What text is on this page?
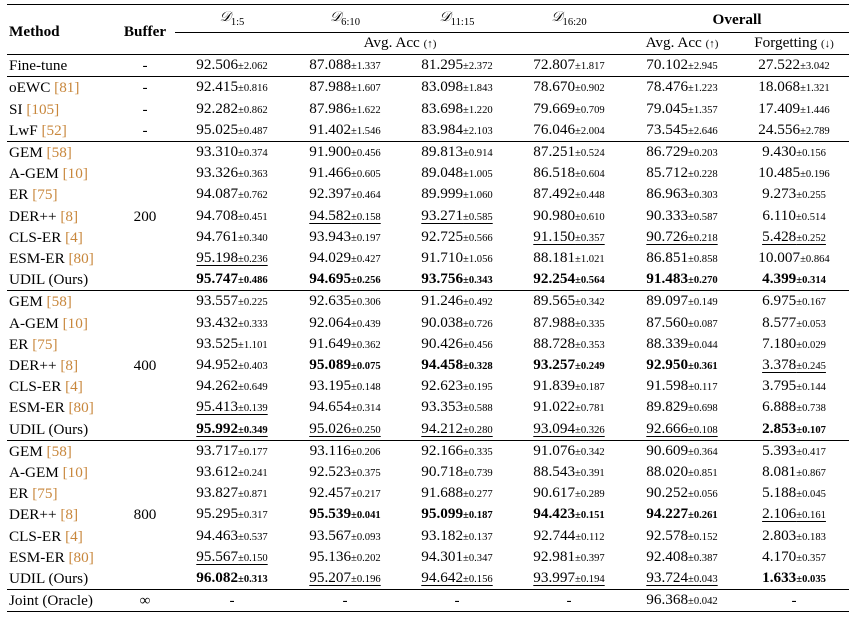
Method	Buffer	𝒟$_{1:5}$	𝒟$_{6:10}$	𝒟$_{11:15}$	𝒟$_{16:20}$	Overall	
		Avg. Acc (↑)				Avg. Acc (↑)	Forgetting (↓)
Fine-tune	-	92.506±2.062	87.088±1.337	81.295±2.372	72.807±1.817	70.102±2.945	27.522±3.042
oEWC [81]	-	92.415±0.816	87.988±1.607	83.098±1.843	78.670±0.902	78.476±1.223	18.068±1.321
SI [105]	-	92.282±0.862	87.986±1.622	83.698±1.220	79.669±0.709	79.045±1.357	17.409±1.446
LwF [52]	-	95.025±0.487	91.402±1.546	83.984±2.103	76.046±2.004	73.545±2.646	24.556±2.789
GEM [58]		93.310±0.374	91.900±0.456	89.813±0.914	87.251±0.524	86.729±0.203	9.430±0.156
A-GEM [10]		93.326±0.363	91.466±0.605	89.048±1.005	86.518±0.604	85.712±0.228	10.485±0.196
ER [75]		94.087±0.762	92.397±0.464	89.999±1.060	87.492±0.448	86.963±0.303	9.273±0.255
DER++ [8]	200	94.708±0.451	94.582±0.158	93.271±0.585	90.980±0.610	90.333±0.587	6.110±0.514
CLS-ER [4]		94.761±0.340	93.943±0.197	92.725±0.566	91.150±0.357	90.726±0.218	5.428±0.252
ESM-ER [80]		95.198±0.236	94.029±0.427	91.710±1.056	88.181±1.021	86.851±0.858	10.007±0.864
UDIL (Ours)		95.747±0.486	94.695±0.256	93.756±0.343	92.254±0.564	91.483±0.270	4.399±0.314
GEM [58]		93.557±0.225	92.635±0.306	91.246±0.492	89.565±0.342	89.097±0.149	6.975±0.167
A-GEM [10]		93.432±0.333	92.064±0.439	90.038±0.726	87.988±0.335	87.560±0.087	8.577±0.053
ER [75]		93.525±1.101	91.649±0.362	90.426±0.456	88.728±0.353	88.339±0.044	7.180±0.029
DER++ [8]	400	94.952±0.403	95.089±0.075	94.458±0.328	93.257±0.249	92.950±0.361	3.378±0.245
CLS-ER [4]		94.262±0.649	93.195±0.148	92.623±0.195	91.839±0.187	91.598±0.117	3.795±0.144
ESM-ER [80]		95.413±0.139	94.654±0.314	93.353±0.588	91.022±0.781	89.829±0.698	6.888±0.738
UDIL (Ours)		95.992±0.349	95.026±0.250	94.212±0.280	93.094±0.326	92.666±0.108	2.853±0.107
GEM [58]		93.717±0.177	93.116±0.206	92.166±0.335	91.076±0.342	90.609±0.364	5.393±0.417
A-GEM [10]		93.612±0.241	92.523±0.375	90.718±0.739	88.543±0.391	88.020±0.851	8.081±0.867
ER [75]		93.827±0.871	92.457±0.217	91.688±0.277	90.617±0.289	90.252±0.056	5.188±0.045
DER++ [8]	800	95.295±0.317	95.539±0.041	95.099±0.187	94.423±0.151	94.227±0.261	2.106±0.161
CLS-ER [4]		94.463±0.537	93.567±0.093	93.182±0.137	92.744±0.112	92.578±0.152	2.803±0.183
ESM-ER [80]		95.567±0.150	95.136±0.202	94.301±0.347	92.981±0.397	92.408±0.387	4.170±0.357
UDIL (Ours)		96.082±0.313	95.207±0.196	94.642±0.156	93.997±0.194	93.724±0.043	1.633±0.035
Joint (Oracle)	∞	-	-	-	-	96.368±0.042	-
